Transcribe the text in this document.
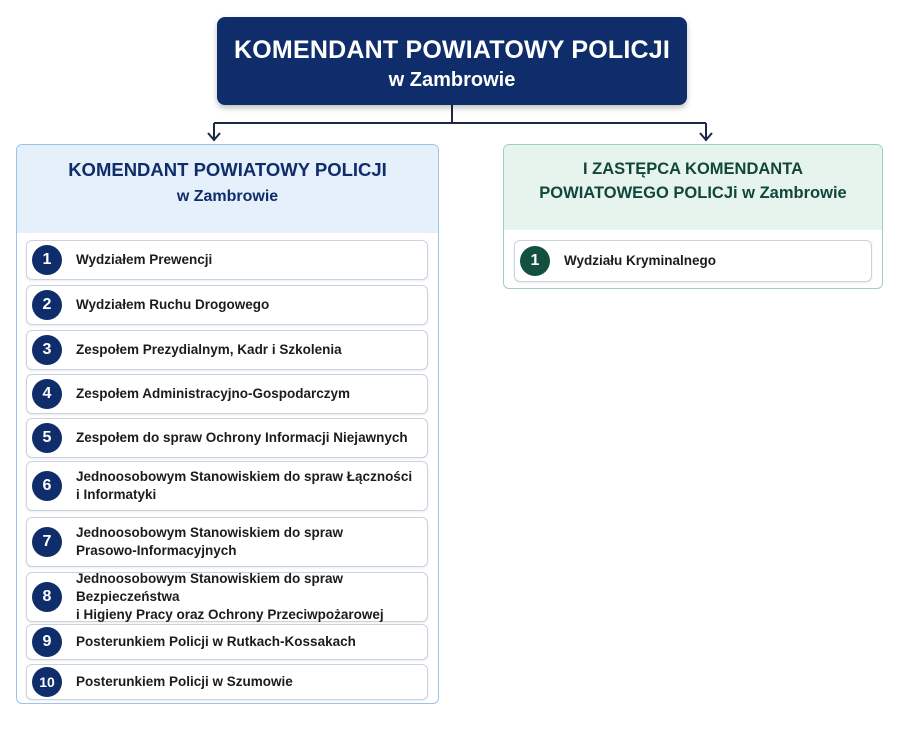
KOMENDANT POWIATOWY POLICJI
w Zambrowie
KOMENDANT POWIATOWY POLICJI
w Zambrowie
1	Wydziałem Prewencji
2	Wydziałem Ruchu Drogowego
3	Zespołem Prezydialnym, Kadr i Szkolenia
4	Zespołem Administracyjno-Gospodarczym
5	Zespołem do spraw Ochrony Informacji Niejawnych
6
Jednoosobowym Stanowiskiem do spraw Łączności
i Informatyki
7
Jednoosobowym Stanowiskiem do spraw
Prasowo-Informacyjnych
8
Jednoosobowym Stanowiskiem do spraw Bezpieczeństwa
i Higieny Pracy oraz Ochrony Przeciwpożarowej
9	Posterunkiem Policji w Rutkach-Kossakach
10	Posterunkiem Policji w Szumowie
I ZASTĘPCA KOMENDANTA POWIATOWEGO POLICJi w Zambrowie
1	Wydziału Kryminalnego
